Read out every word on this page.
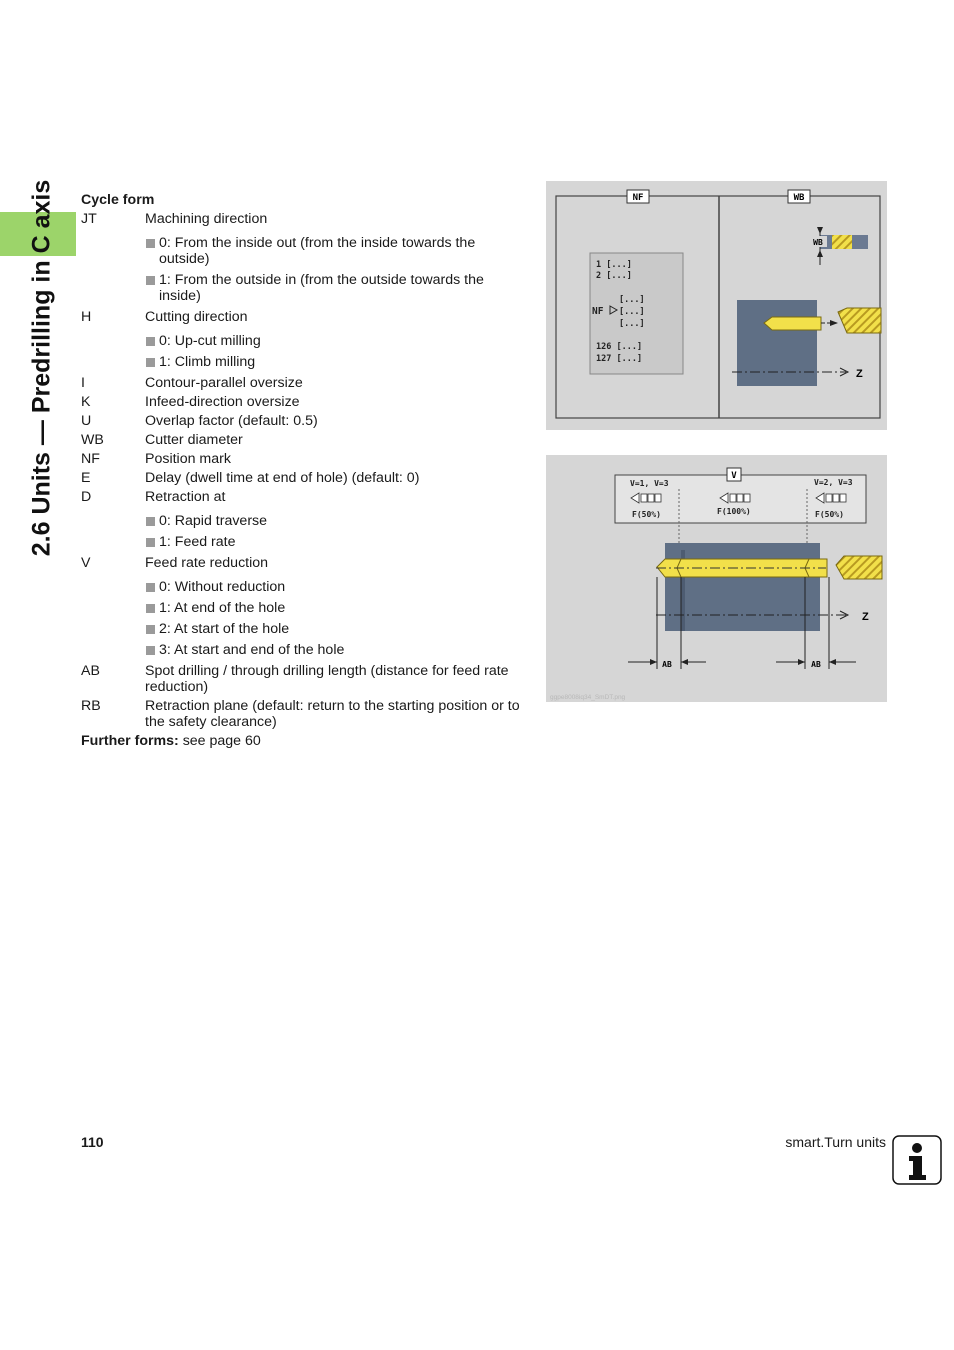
2.6 Units — Predrilling in C axis Cycle form
JT	Machining direction
0: From the inside out (from the inside towards the outside)
1: From the outside in (from the outside towards the inside)
H	Cutting direction
0: Up-cut milling
1: Climb milling
I	Contour-parallel oversize
K	Infeed-direction oversize
U	Overlap factor (default: 0.5)
WB	Cutter diameter
NF	Position mark
E	Delay (dwell time at end of hole) (default: 0)
D	Retraction at
0: Rapid traverse
1: Feed rate
V	Feed rate reduction
0: Without reduction
1: At end of the hole
2: At start of the hole
3: At start and end of the hole
AB	Spot drilling / through drilling length (distance for feed rate reduction)
RB	Retraction plane (default: return to the starting position or to the safety clearance)
Further forms: see page 60
NF	WB
1 [...]
2 [...]
[...]
NF [...]
[...]
126 [...]
127 [...]
WB
Z
V
V=1, V=3	V=2, V=3
F(50%)	F(100%)	F(50%)
Z
AB	AB
ggpe8008iq34_SmDT.png
110	smart.Turn units
